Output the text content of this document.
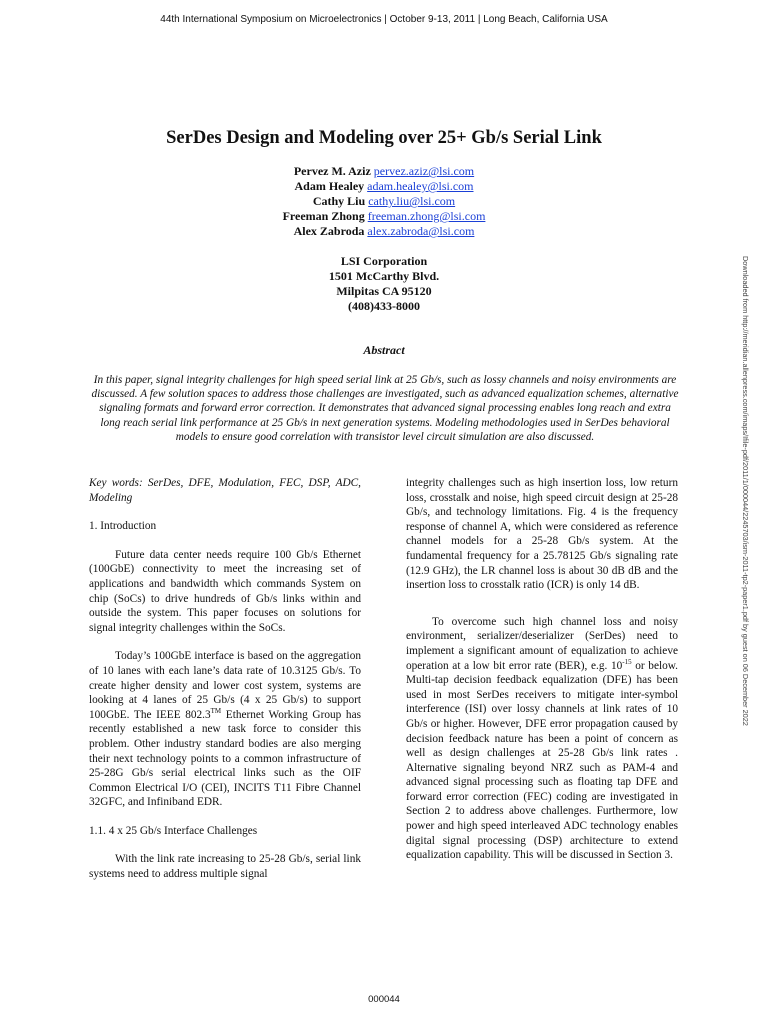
44th International Symposium on Microelectronics | October 9-13, 2011 | Long Beach, California USA
SerDes Design and Modeling over 25+ Gb/s Serial Link
Pervez M. Aziz pervez.aziz@lsi.com
Adam Healey adam.healey@lsi.com
Cathy Liu cathy.liu@lsi.com
Freeman Zhong freeman.zhong@lsi.com
Alex Zabroda alex.zabroda@lsi.com
LSI Corporation
1501 McCarthy Blvd.
Milpitas CA 95120
(408)433-8000
Abstract
In this paper, signal integrity challenges for high speed serial link at 25 Gb/s, such as lossy channels and noisy environments are discussed. A few solution spaces to address those challenges are investigated, such as advanced equalization schemes, alternative signaling formats and forward error correction. It demonstrates that advanced signal processing enables long reach and extra long reach serial link performance at 25 Gb/s in next generation systems. Modeling methodologies used in SerDes behavioral models to ensure good correlation with transistor level circuit simulation are also discussed.

Key words: SerDes, DFE, Modulation, FEC, DSP, ADC, Modeling

1. Introduction

Future data center needs require 100 Gb/s Ethernet (100GbE) connectivity to meet the increasing set of applications and bandwidth which commands System on chip (SoCs) to drive hundreds of Gb/s links within and outside the system. This paper focuses on solutions for signal integrity challenges within the SoCs.

Today’s 100GbE interface is based on the aggregation of 10 lanes with each lane’s data rate of 10.3125 Gb/s. To create higher density and lower cost system, systems are looking at 4 lanes of 25 Gb/s (4 x 25 Gb/s) to support 100GbE. The IEEE 802.3™ Ethernet Working Group has recently established a new task force to consider this problem. Other industry standard bodies are also merging their next technology points to a common infrastructure of 25-28G Gb/s serial electrical links such as the OIF Common Electrical I/O (CEI), INCITS T11 Fibre Channel 32GFC, and Infiniband EDR.

1.1. 4 x 25 Gb/s Interface Challenges

With the link rate increasing to 25-28 Gb/s, serial link systems need to address multiple signal

integrity challenges such as high insertion loss, low return loss, crosstalk and noise, high speed circuit design at 25-28 Gb/s, and technology limitations. Fig. 4 is the frequency response of channel A, which were considered as reference channel models for a 25-28 Gb/s system. At the fundamental frequency for a 25.78125 Gb/s signaling rate (12.9 GHz), the LR channel loss is about 30 dB dB and the insertion loss to crosstalk ratio (ICR) is only 14 dB.

To overcome such high channel loss and noisy environment, serializer/deserializer (SerDes) need to implement a significant amount of equalization to achieve operation at a low bit error rate (BER), e.g. $10^{-15}$ or below. Multi-tap decision feedback equalization (DFE) has been used in most SerDes receivers to mitigate inter-symbol interference (ISI) over lossy channels at link rates of 10 Gb/s or higher. However, DFE error propagation caused by decision feedback nature has been a point of concern as well as design challenges at 25-28 Gb/s link rates . Alternative signaling beyond NRZ such as PAM-4 and advanced signal processing such as floating tap DFE and forward error correction (FEC) coding are investigated in Section 2 to address above challenges. Furthermore, low power and high speed interleaved ADC technology enables digital signal processing (DSP) architecture to extend equalization capability. This will be discussed in Section 3.

Downloaded from http://meridian.allenpress.com/imaps/Ifile-pdf/2011/1/000044/2245703/ism-2011-tp2-paper1.pdf by guest on 06 December 2022
000044
